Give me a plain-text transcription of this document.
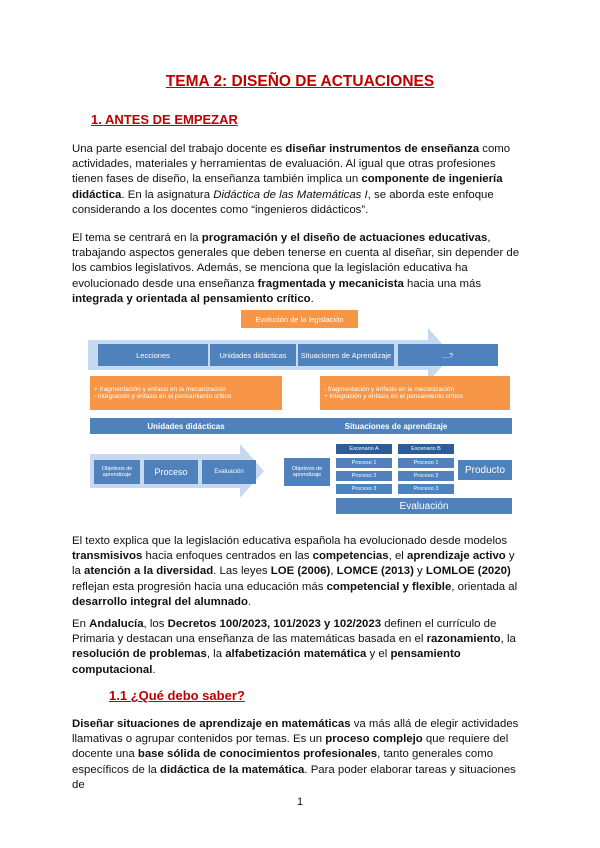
TEMA 2: DISEÑO DE ACTUACIONES
1. ANTES DE EMPEZAR

Una parte esencial del trabajo docente es diseñar instrumentos de enseñanza como actividades, materiales y herramientas de evaluación. Al igual que otras profesiones tienen fases de diseño, la enseñanza también implica un componente de ingeniería didáctica. En la asignatura Didáctica de las Matemáticas I, se aborda este enfoque considerando a los docentes como “ingenieros didácticos”.

El tema se centrará en la programación y el diseño de actuaciones educativas, trabajando aspectos generales que deben tenerse en cuenta al diseñar, sin depender de los cambios legislativos. Además, se menciona que la legislación educativa ha evolucionado desde una enseñanza fragmentada y mecanicista hacia una más integrada y orientada al pensamiento crítico.

Evolución de la legislación
Lecciones	Unidades didácticas	Situaciones de Aprendizaje	...?
+ fragmentación y énfasis en la mecanización
- integración y énfasis en el pensamiento crítico
- fragmentación y énfasis en la mecanización
+ integración y énfasis en el pensamiento crítico
Unidades didácticas	Situaciones de aprendizaje
Objetivos de aprendizaje	Proceso	Evaluación	Objetivos de aprendizaje
Escenario A	Escenario B
Proceso 1
Proceso 2
Proceso 3
Proceso 1
Proceso 2
Proceso 3
Producto
Evaluación

El texto explica que la legislación educativa española ha evolucionado desde modelos transmisivos hacia enfoques centrados en las competencias, el aprendizaje activo y la atención a la diversidad. Las leyes LOE (2006), LOMCE (2013) y LOMLOE (2020) reflejan esta progresión hacia una educación más competencial y flexible, orientada al desarrollo integral del alumnado.

En Andalucía, los Decretos 100/2023, 101/2023 y 102/2023 definen el currículo de Primaria y destacan una enseñanza de las matemáticas basada en el razonamiento, la resolución de problemas, la alfabetización matemática y el pensamiento computacional.

1.1 ¿Qué debo saber?

Diseñar situaciones de aprendizaje en matemáticas va más allá de elegir actividades llamativas o agrupar contenidos por temas. Es un proceso complejo que requiere del docente una base sólida de conocimientos profesionales, tanto generales como específicos de la didáctica de la matemática. Para poder elaborar tareas y situaciones de

1
